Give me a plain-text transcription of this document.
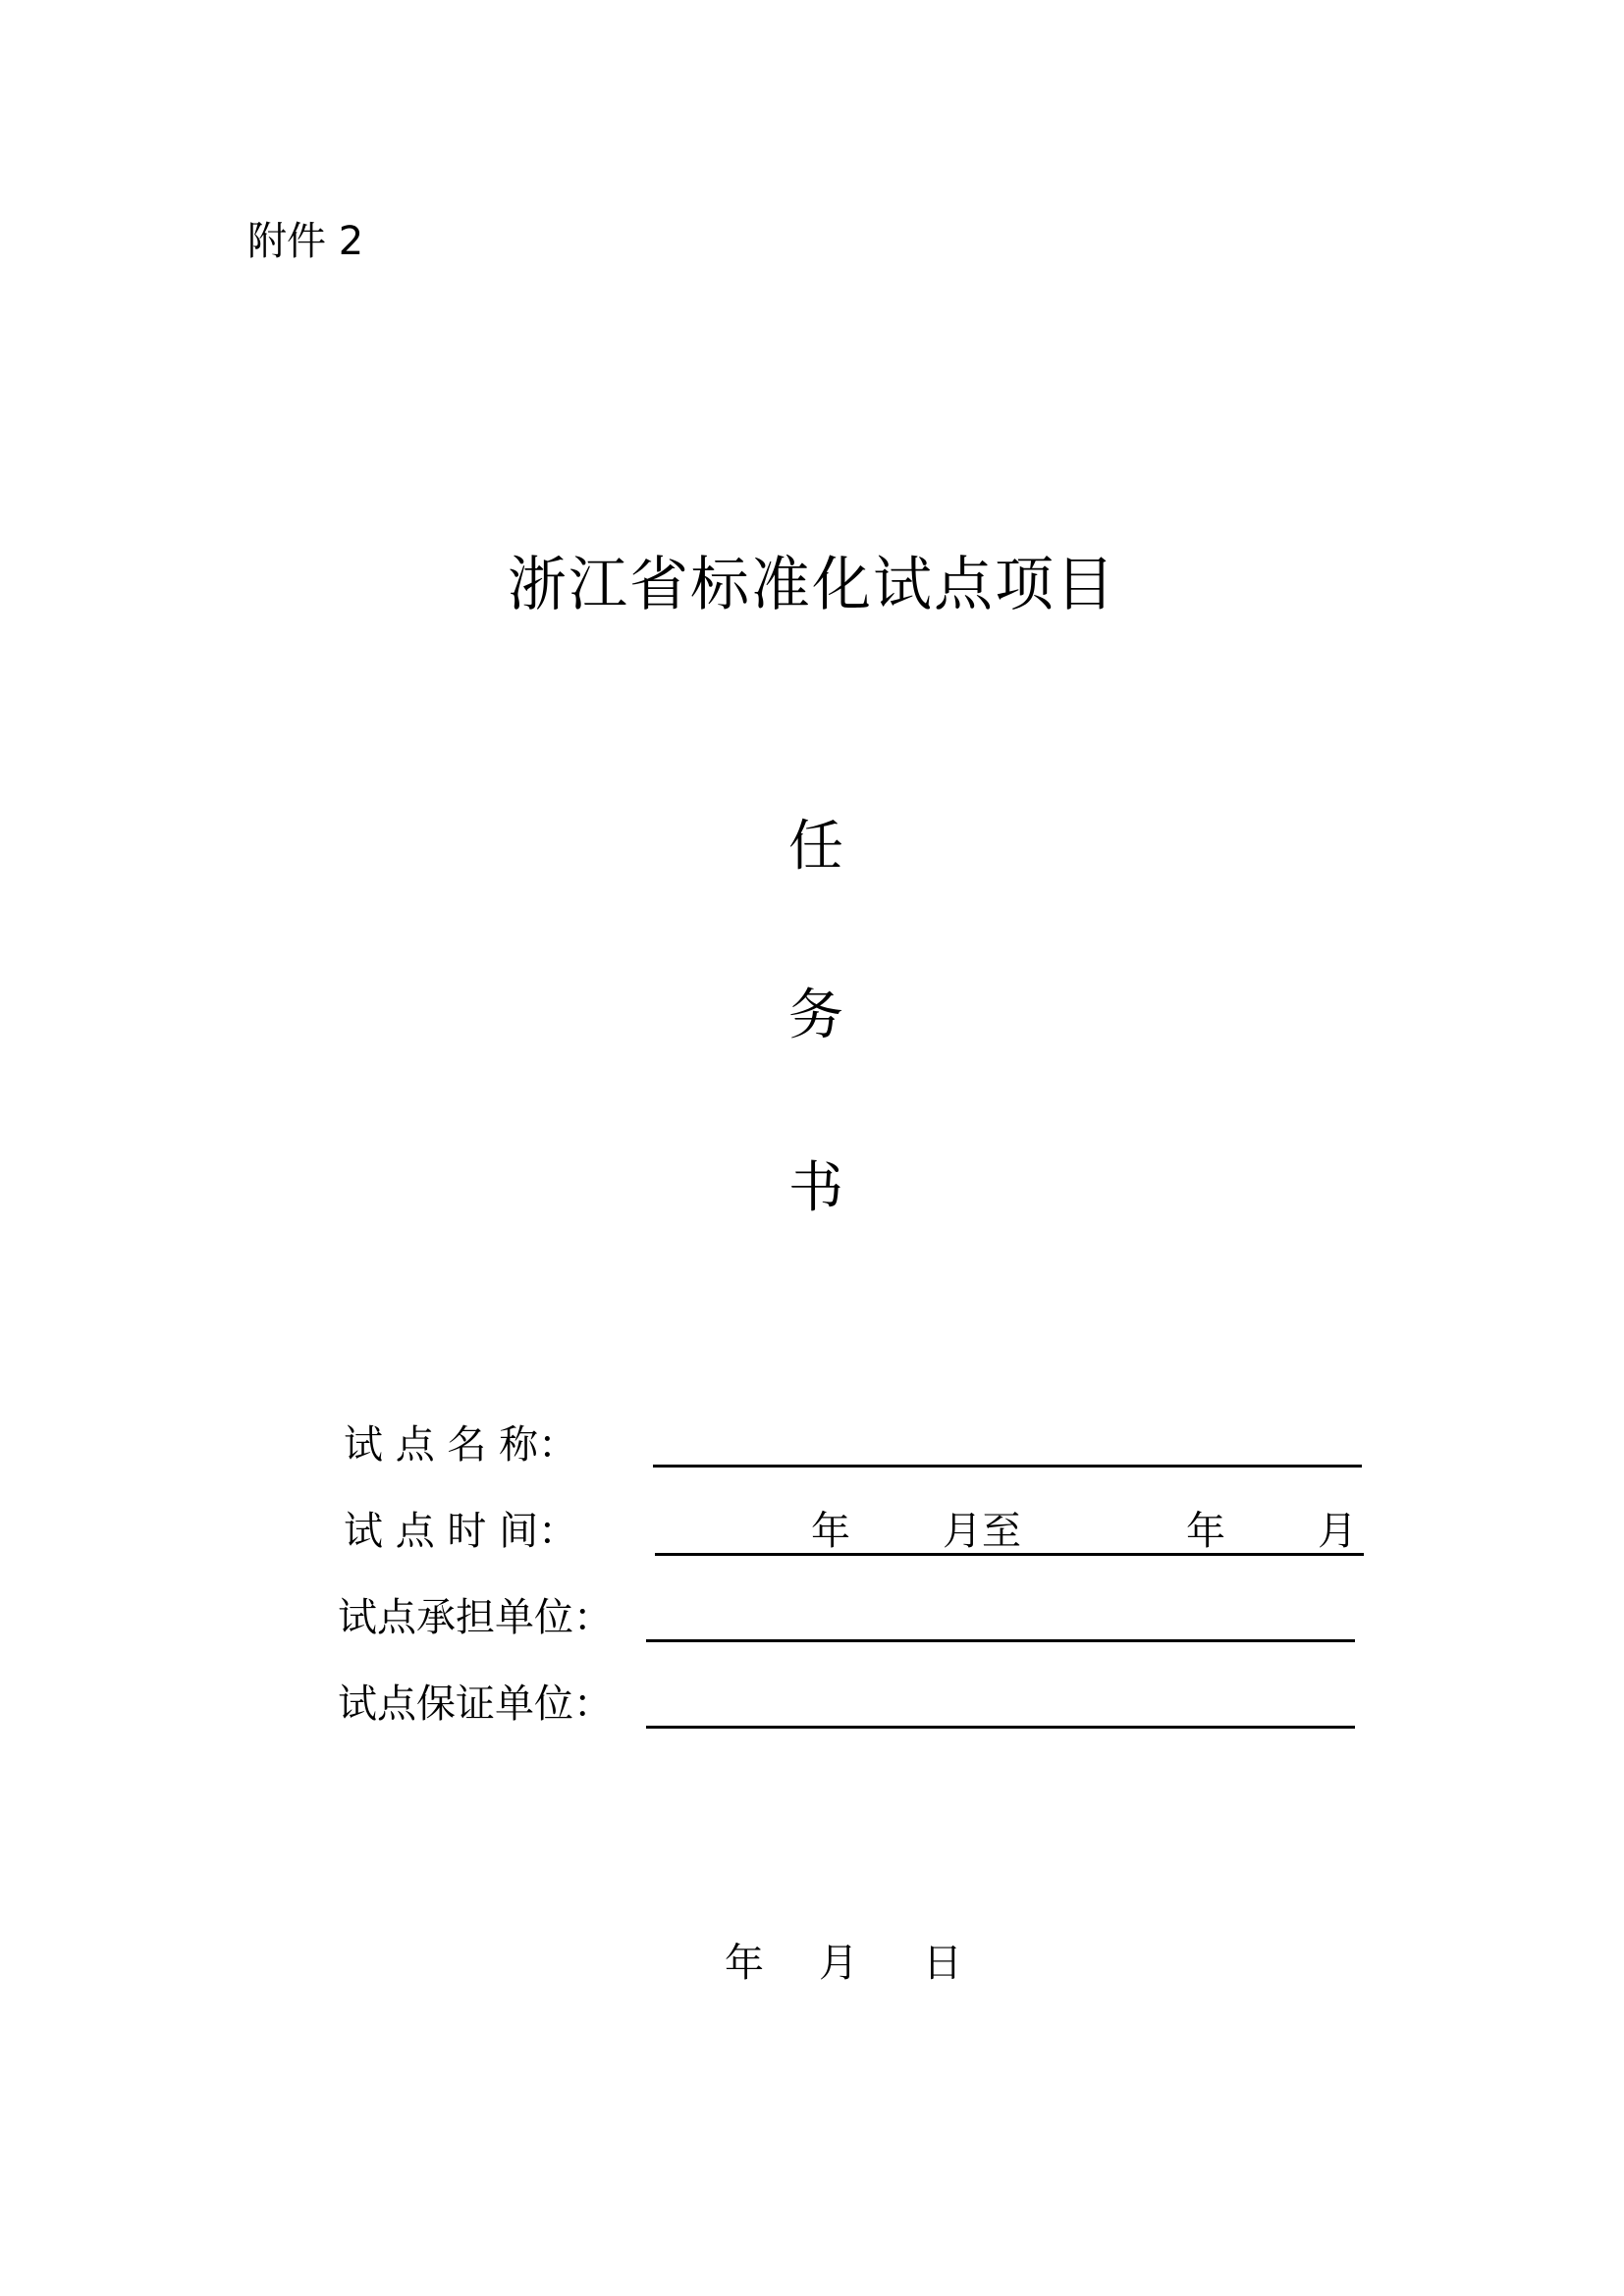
附件 2
浙江省标准化试点项目
任
务
书
试 点 名 称：
试 点 时 间：	年 月至	年 月
试点承担单位：
试点保证单位：
年 月 日
